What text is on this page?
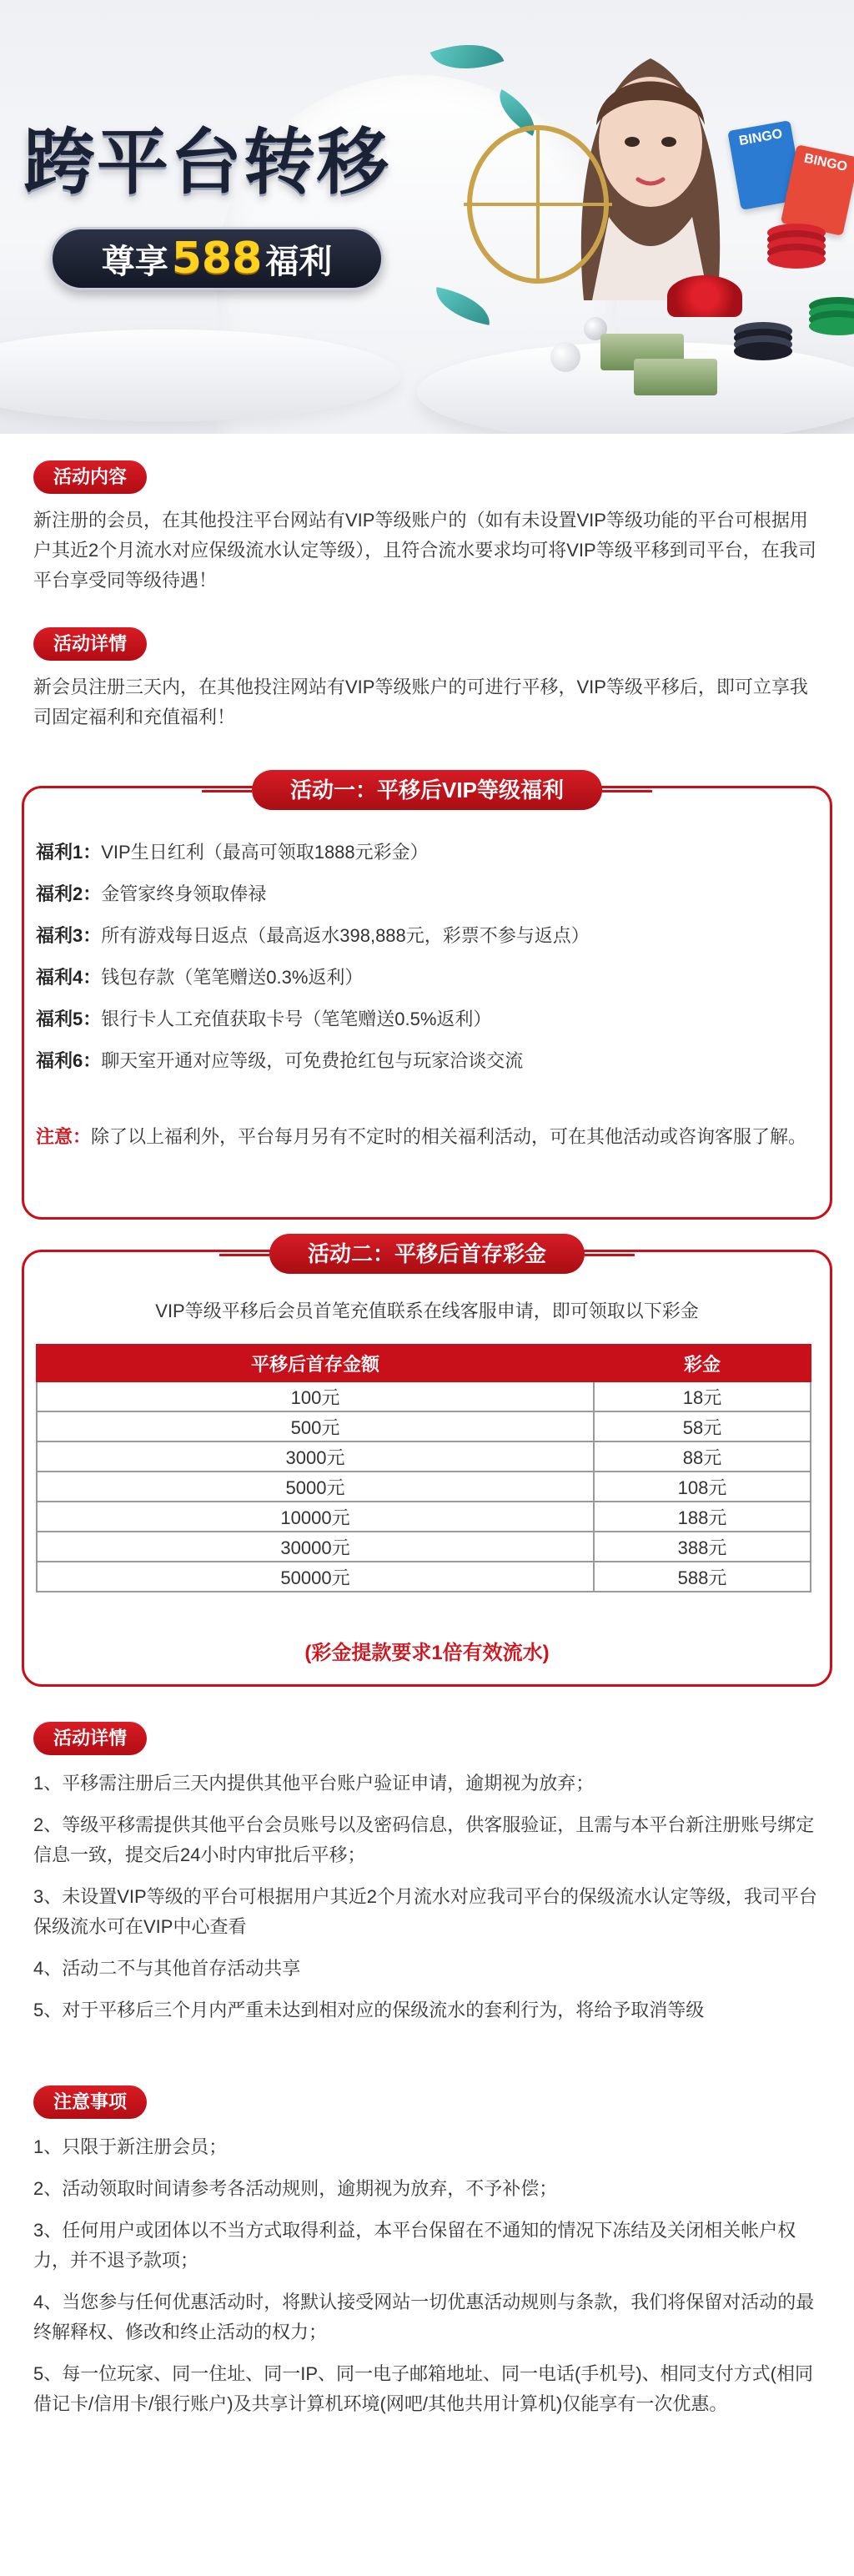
BINGO
BINGO
跨平台转移
尊享 588 福利
活动内容
新注册的会员，在其他投注平台网站有VIP等级账户的（如有未设置VIP等级功能的平台可根据用户其近2个月流水对应保级流水认定等级），且符合流水要求均可将VIP等级平移到司平台，在我司平台享受同等级待遇！
活动详情
新会员注册三天内，在其他投注网站有VIP等级账户的可进行平移，VIP等级平移后，即可立享我司固定福利和充值福利！
活动一：平移后VIP等级福利
福利1：VIP生日红利（最高可领取1888元彩金）
福利2：金管家终身领取俸禄
福利3：所有游戏每日返点（最高返水398,888元，彩票不参与返点）
福利4：钱包存款（笔笔赠送0.3%返利）
福利5：银行卡人工充值获取卡号（笔笔赠送0.5%返利）
福利6：聊天室开通对应等级，可免费抢红包与玩家洽谈交流
注意：除了以上福利外，平台每月另有不定时的相关福利活动，可在其他活动或咨询客服了解。
活动二：平移后首存彩金
VIP等级平移后会员首笔充值联系在线客服申请，即可领取以下彩金
平移后首存金额	彩金
100元	18元
500元	58元
3000元	88元
5000元	108元
10000元	188元
30000元	388元
50000元	588元
(彩金提款要求1倍有效流水)
活动详情
1、平移需注册后三天内提供其他平台账户验证申请，逾期视为放弃；
2、等级平移需提供其他平台会员账号以及密码信息，供客服验证，且需与本平台新注册账号绑定信息一致，提交后24小时内审批后平移；
3、未设置VIP等级的平台可根据用户其近2个月流水对应我司平台的保级流水认定等级，我司平台保级流水可在VIP中心查看
4、活动二不与其他首存活动共享
5、对于平移后三个月内严重未达到相对应的保级流水的套利行为，将给予取消等级
注意事项
1、只限于新注册会员；
2、活动领取时间请参考各活动规则，逾期视为放弃，不予补偿；
3、任何用户或团体以不当方式取得利益，本平台保留在不通知的情况下冻结及关闭相关帐户权力，并不退予款项；
4、当您参与任何优惠活动时，将默认接受网站一切优惠活动规则与条款，我们将保留对活动的最终解释权、修改和终止活动的权力；
5、每一位玩家、同一住址、同一IP、同一电子邮箱地址、同一电话(手机号)、相同支付方式(相同借记卡/信用卡/银行账户)及共享计算机环境(网吧/其他共用计算机)仅能享有一次优惠。
